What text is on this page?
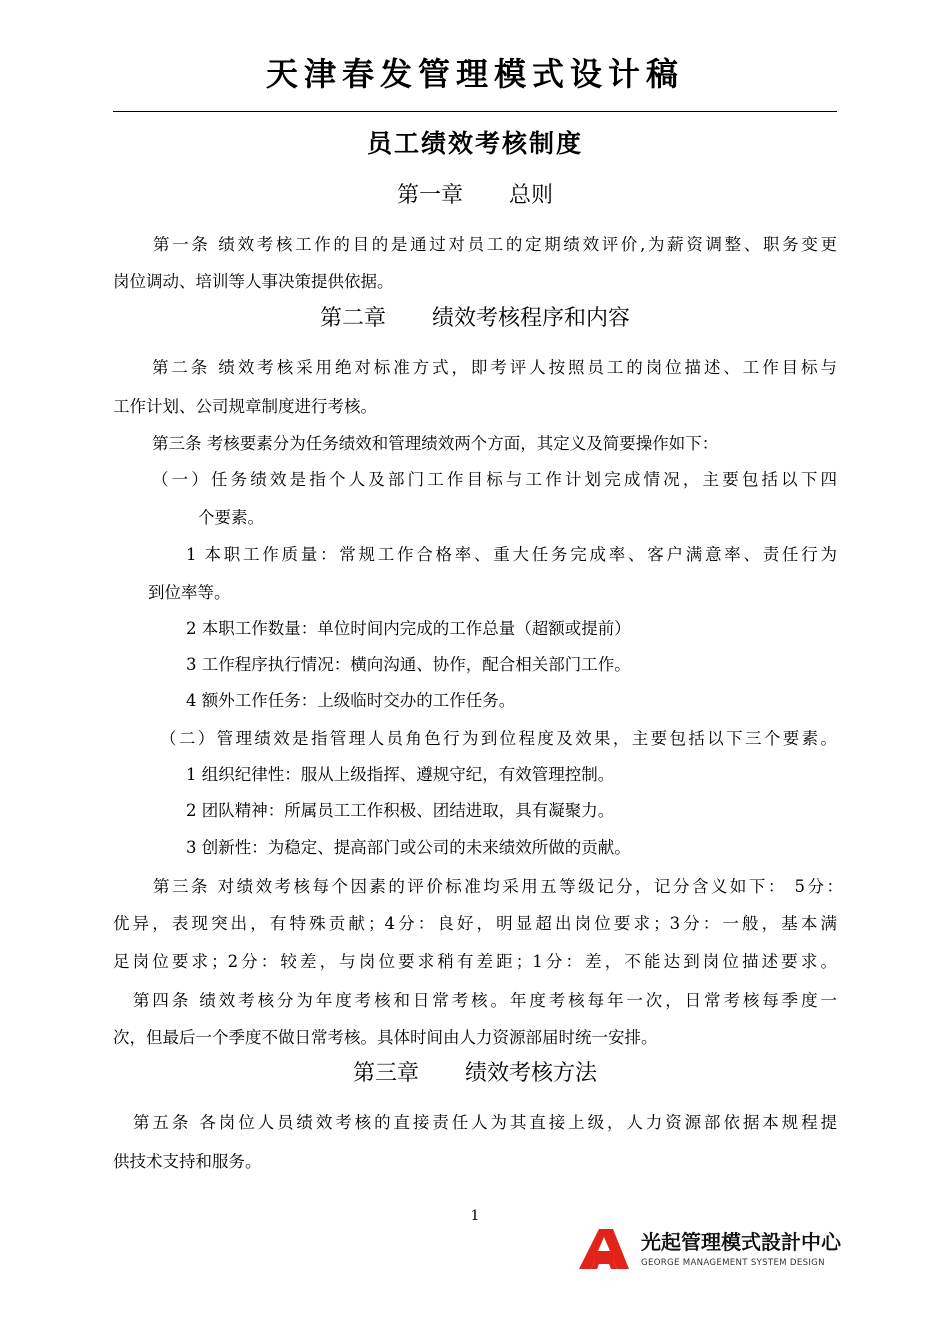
天津春发管理模式设计稿
员工绩效考核制度
第一章 总则
第一条 绩效考核工作的目的是通过对员工的定期绩效评价,为薪资调整、职务变更
岗位调动、培训等人事决策提供依据。
第二章 绩效考核程序和内容
第二条 绩效考核采用绝对标准方式，即考评人按照员工的岗位描述、工作目标与
工作计划、公司规章制度进行考核。
第三条 考核要素分为任务绩效和管理绩效两个方面，其定义及简要操作如下：
（一）任务绩效是指个人及部门工作目标与工作计划完成情况，主要包括以下四
个要素。
1 本职工作质量：常规工作合格率、重大任务完成率、客户满意率、责任行为
到位率等。
2 本职工作数量：单位时间内完成的工作总量（超额或提前）
3 工作程序执行情况：横向沟通、协作，配合相关部门工作。
4 额外工作任务：上级临时交办的工作任务。
（二）管理绩效是指管理人员角色行为到位程度及效果，主要包括以下三个要素。
1 组织纪律性：服从上级指挥、遵规守纪，有效管理控制。
2 团队精神：所属员工工作积极、团结进取，具有凝聚力。
3 创新性：为稳定、提高部门或公司的未来绩效所做的贡献。
第三条 对绩效考核每个因素的评价标准均采用五等级记分，记分含义如下： 5分：
优异，表现突出，有特殊贡献；4分：良好，明显超出岗位要求；3分：一般，基本满
足岗位要求；2分：较差，与岗位要求稍有差距；1分：差，不能达到岗位描述要求。
第四条 绩效考核分为年度考核和日常考核。年度考核每年一次，日常考核每季度一
次，但最后一个季度不做日常考核。具体时间由人力资源部届时统一安排。
第三章 绩效考核方法
第五条 各岗位人员绩效考核的直接责任人为其直接上级，人力资源部依据本规程提
供技术支持和服务。
1
光起管理模式設計中心
GEORGE MANAGEMENT SYSTEM DESIGN
